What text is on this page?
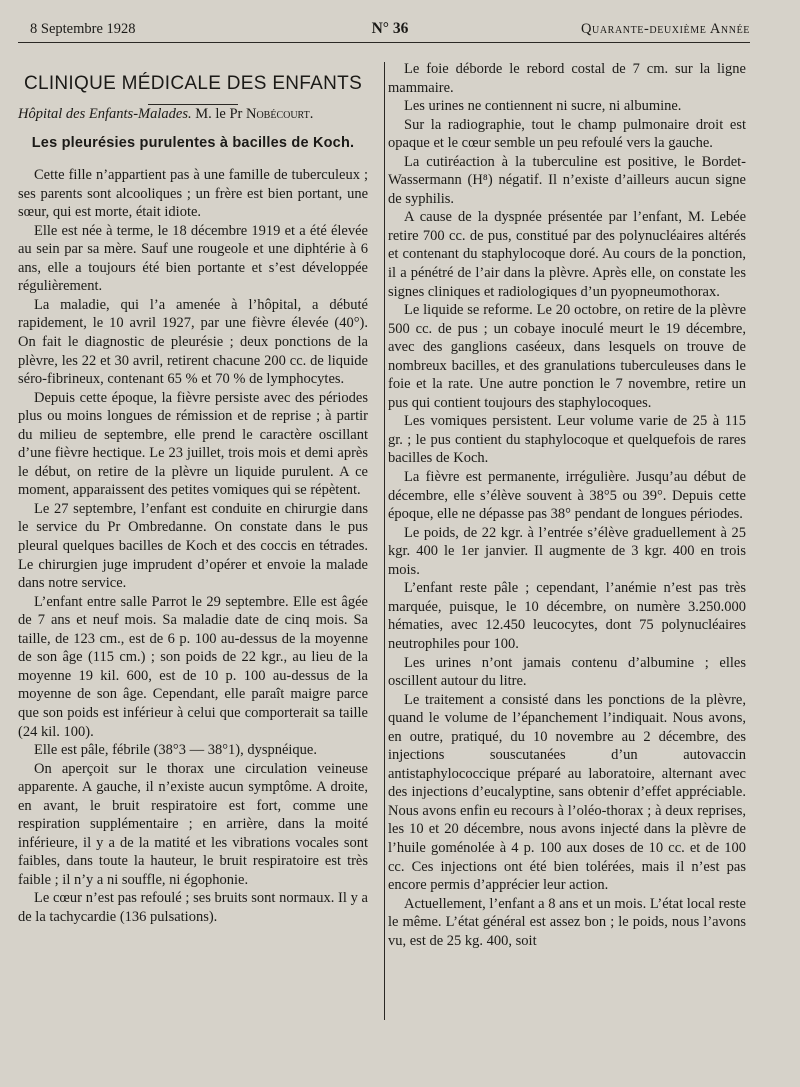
8 Septembre 1928	N° 36	Quarante-deuxième Année
CLINIQUE MÉDICALE DES ENFANTS

Hôpital des Enfants-Malades. M. le Pr Nobécourt.

Les pleurésies purulentes à bacilles de Koch.

Cette fille n’appartient pas à une famille de tuberculeux ; ses parents sont alcooliques ; un frère est bien portant, une sœur, qui est morte, était idiote.

Elle est née à terme, le 18 décembre 1919 et a été élevée au sein par sa mère. Sauf une rougeole et une diphtérie à 6 ans, elle a toujours été bien portante et s’est développée régulièrement.

La maladie, qui l’a amenée à l’hôpital, a débuté rapidement, le 10 avril 1927, par une fièvre élevée (40°). On fait le diagnostic de pleurésie ; deux ponctions de la plèvre, les 22 et 30 avril, retirent chacune 200 cc. de liquide séro-fibrineux, contenant 65 % et 70 % de lymphocytes.

Depuis cette époque, la fièvre persiste avec des périodes plus ou moins longues de rémission et de reprise ; à partir du milieu de septembre, elle prend le caractère oscillant d’une fièvre hectique. Le 23 juillet, trois mois et demi après le début, on retire de la plèvre un liquide purulent. A ce moment, apparaissent des petites vomiques qui se répètent.

Le 27 septembre, l’enfant est conduite en chirurgie dans le service du Pr Ombredanne. On constate dans le pus pleural quelques bacilles de Koch et des coccis en tétrades. Le chirurgien juge imprudent d’opérer et envoie la malade dans notre service.

L’enfant entre salle Parrot le 29 septembre. Elle est âgée de 7 ans et neuf mois. Sa maladie date de cinq mois. Sa taille, de 123 cm., est de 6 p. 100 au-dessus de la moyenne de son âge (115 cm.) ; son poids de 22 kgr., au lieu de la moyenne 19 kil. 600, est de 10 p. 100 au-dessus de la moyenne de son âge. Cependant, elle paraît maigre parce que son poids est inférieur à celui que comporterait sa taille (24 kil. 100).

Elle est pâle, fébrile (38°3 — 38°1), dyspnéique.

On aperçoit sur le thorax une circulation veineuse apparente. A gauche, il n’existe aucun symptôme. A droite, en avant, le bruit respiratoire est fort, comme une respiration supplémentaire ; en arrière, dans la moité inférieure, il y a de la matité et les vibrations vocales sont faibles, dans toute la hauteur, le bruit respiratoire est très faible ; il n’y a ni souffle, ni égophonie.

Le cœur n’est pas refoulé ; ses bruits sont normaux. Il y a de la tachycardie (136 pulsations).

Le foie déborde le rebord costal de 7 cm. sur la ligne mammaire.

Les urines ne contiennent ni sucre, ni albumine.

Sur la radiographie, tout le champ pulmonaire droit est opaque et le cœur semble un peu refoulé vers la gauche.

La cutiréaction à la tuberculine est positive, le Bordet-Wassermann (H⁸) négatif. Il n’existe d’ailleurs aucun signe de syphilis.

A cause de la dyspnée présentée par l’enfant, M. Lebée retire 700 cc. de pus, constitué par des polynucléaires altérés et contenant du staphylocoque doré. Au cours de la ponction, il a pénétré de l’air dans la plèvre. Après elle, on constate les signes cliniques et radiologiques d’un pyopneumothorax.

Le liquide se reforme. Le 20 octobre, on retire de la plèvre 500 cc. de pus ; un cobaye inoculé meurt le 19 décembre, avec des ganglions caséeux, dans lesquels on trouve de nombreux bacilles, et des granulations tuberculeuses dans le foie et la rate. Une autre ponction le 7 novembre, retire un pus qui contient toujours des staphylocoques.

Les vomiques persistent. Leur volume varie de 25 à 115 gr. ; le pus contient du staphylocoque et quelquefois de rares bacilles de Koch.

La fièvre est permanente, irrégulière. Jusqu’au début de décembre, elle s’élève souvent à 38°5 ou 39°. Depuis cette époque, elle ne dépasse pas 38° pendant de longues périodes.

Le poids, de 22 kgr. à l’entrée s’élève graduellement à 25 kgr. 400 le 1er janvier. Il augmente de 3 kgr. 400 en trois mois.

L’enfant reste pâle ; cependant, l’anémie n’est pas très marquée, puisque, le 10 décembre, on numère 3.250.000 hématies, avec 12.450 leucocytes, dont 75 polynucléaires neutrophiles pour 100.

Les urines n’ont jamais contenu d’albumine ; elles oscillent autour du litre.

Le traitement a consisté dans les ponctions de la plèvre, quand le volume de l’épanchement l’indiquait. Nous avons, en outre, pratiqué, du 10 novembre au 2 décembre, des injections souscutanées d’un autovaccin antistaphylococcique préparé au laboratoire, alternant avec des injections d’eucalyptine, sans obtenir d’effet appréciable. Nous avons enfin eu recours à l’oléo-thorax ; à deux reprises, les 10 et 20 décembre, nous avons injecté dans la plèvre de l’huile goménolée à 4 p. 100 aux doses de 10 cc. et de 100 cc. Ces injections ont été bien tolérées, mais il n’est pas encore permis d’apprécier leur action.

Actuellement, l’enfant a 8 ans et un mois. L’état local reste le même. L’état général est assez bon ; le poids, nous l’avons vu, est de 25 kg. 400, soit
